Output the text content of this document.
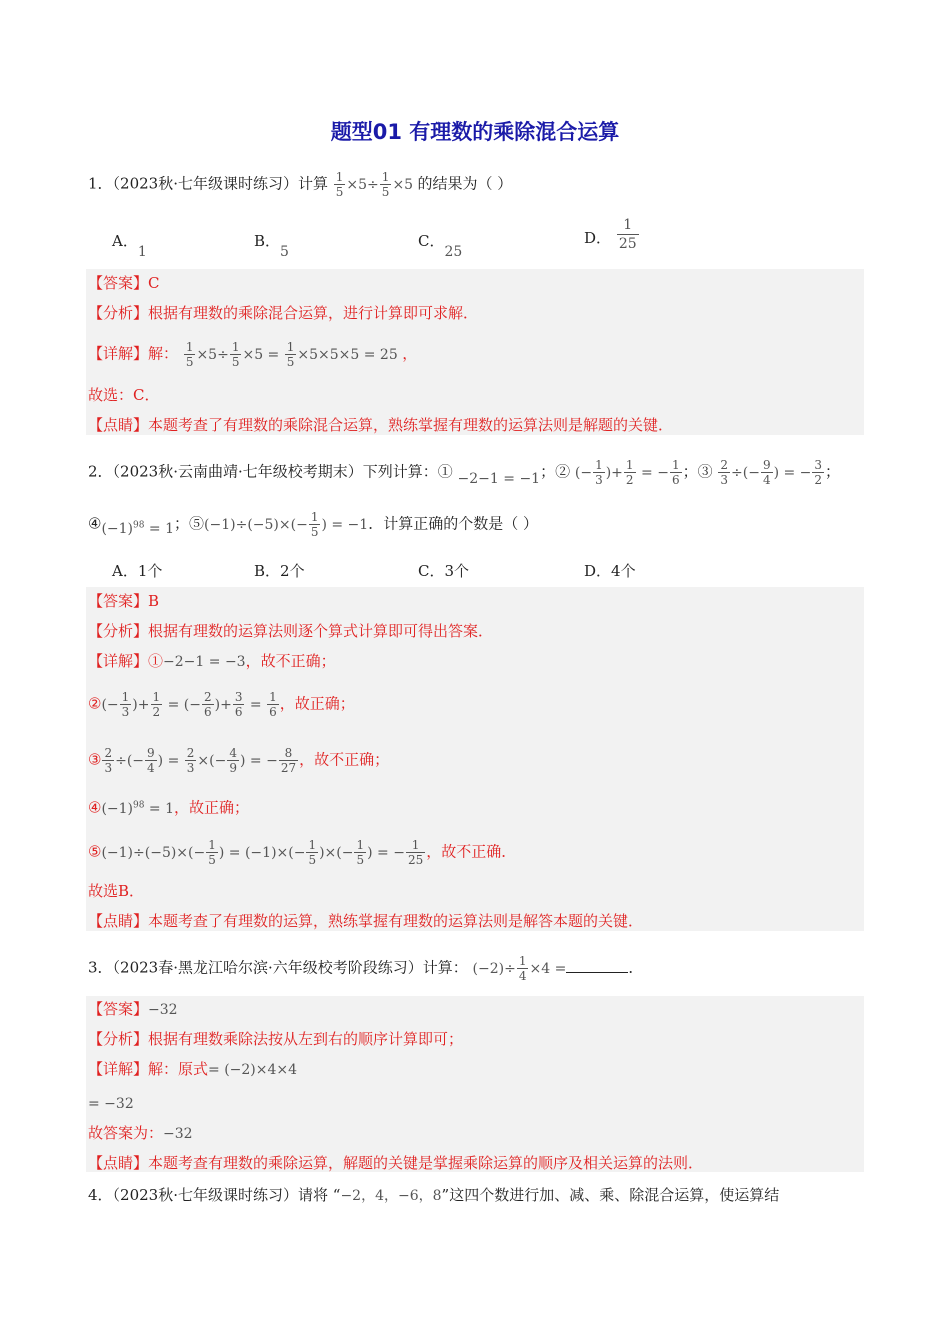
题型01 有理数的乘除混合运算
1．（2023秋·七年级课时练习）计算 $\frac{1}{5} \times 5\div \frac{1}{5} \times 5$ 的结果为（ ）
A．1
B．5
C．25
D． $\frac{1}{25}$
【答案】C
【分析】根据有理数的乘除混合运算，进行计算即可求解．
【详解】解： $\frac{1}{5} \times 5\div \frac{1}{5} \times 5 = \frac{1}{5} \times 5\times 5\times 5 = 25$ ，
故选：C．
【点睛】本题考查了有理数的乘除混合运算，熟练掌握有理数的运算法则是解题的关键．
2．（2023秋·云南曲靖·七年级校考期末）下列计算：① −2−1 = −1；② (− $\frac{1}{3}$ )+ $\frac{1}{2}$ = − $\frac{1}{6}$ ；③ $\frac{2}{3}$ ÷(− $\frac{9}{4}$ ) = − $\frac{3}{2}$ ；
$④(-1)^{98} = 1$；⑤(−1)÷(−5)×(− $\frac{1}{5}$ ) = −1．计算正确的个数是（ ）
A．1个	B．2个	C．3个	D．4个
【答案】B
【分析】根据有理数的运算法则逐个算式计算即可得出答案．
【详解】①−2−1 = −3，故不正确；
②(− $\frac{1}{3}$ )+ $\frac{1}{2}$ = (− $\frac{2}{6}$ )+ $\frac{3}{6} = \frac{1}{6}$ ，故正确；
③ $\frac{2}{3}$ ÷(− $\frac{9}{4}$ ) = $\frac{2}{3}$ ×(− $\frac{4}{9}$ ) = − $\frac{8}{27}$ ，故不正确；
$④(-1)^{98} = 1$，故正确；
⑤(−1)÷(−5)×(− $\frac{1}{5}$ ) = $(-1)\times(- \frac{1}{5}$ )×(− $\frac{1}{5}$ ) = − $\frac{1}{25}$ ，故不正确．
故选B．
【点睛】本题考查了有理数的运算，熟练掌握有理数的运算法则是解答本题的关键．
3．（2023春·黑龙江哈尔滨·六年级校考阶段练习）计算： $(-2)\div \frac{1}{4} \times 4$ =	．
【答案】−32
【分析】根据有理数乘除法按从左到右的顺序计算即可；
【详解】解：原式= (−2)×4×4
= −32
故答案为：−32
【点睛】本题考查有理数的乘除运算，解题的关键是掌握乘除运算的顺序及相关运算的法则．
4．（2023秋·七年级课时练习）请将 “−2，4，−6，8”这四个数进行加、减、乘、除混合运算，使运算结
